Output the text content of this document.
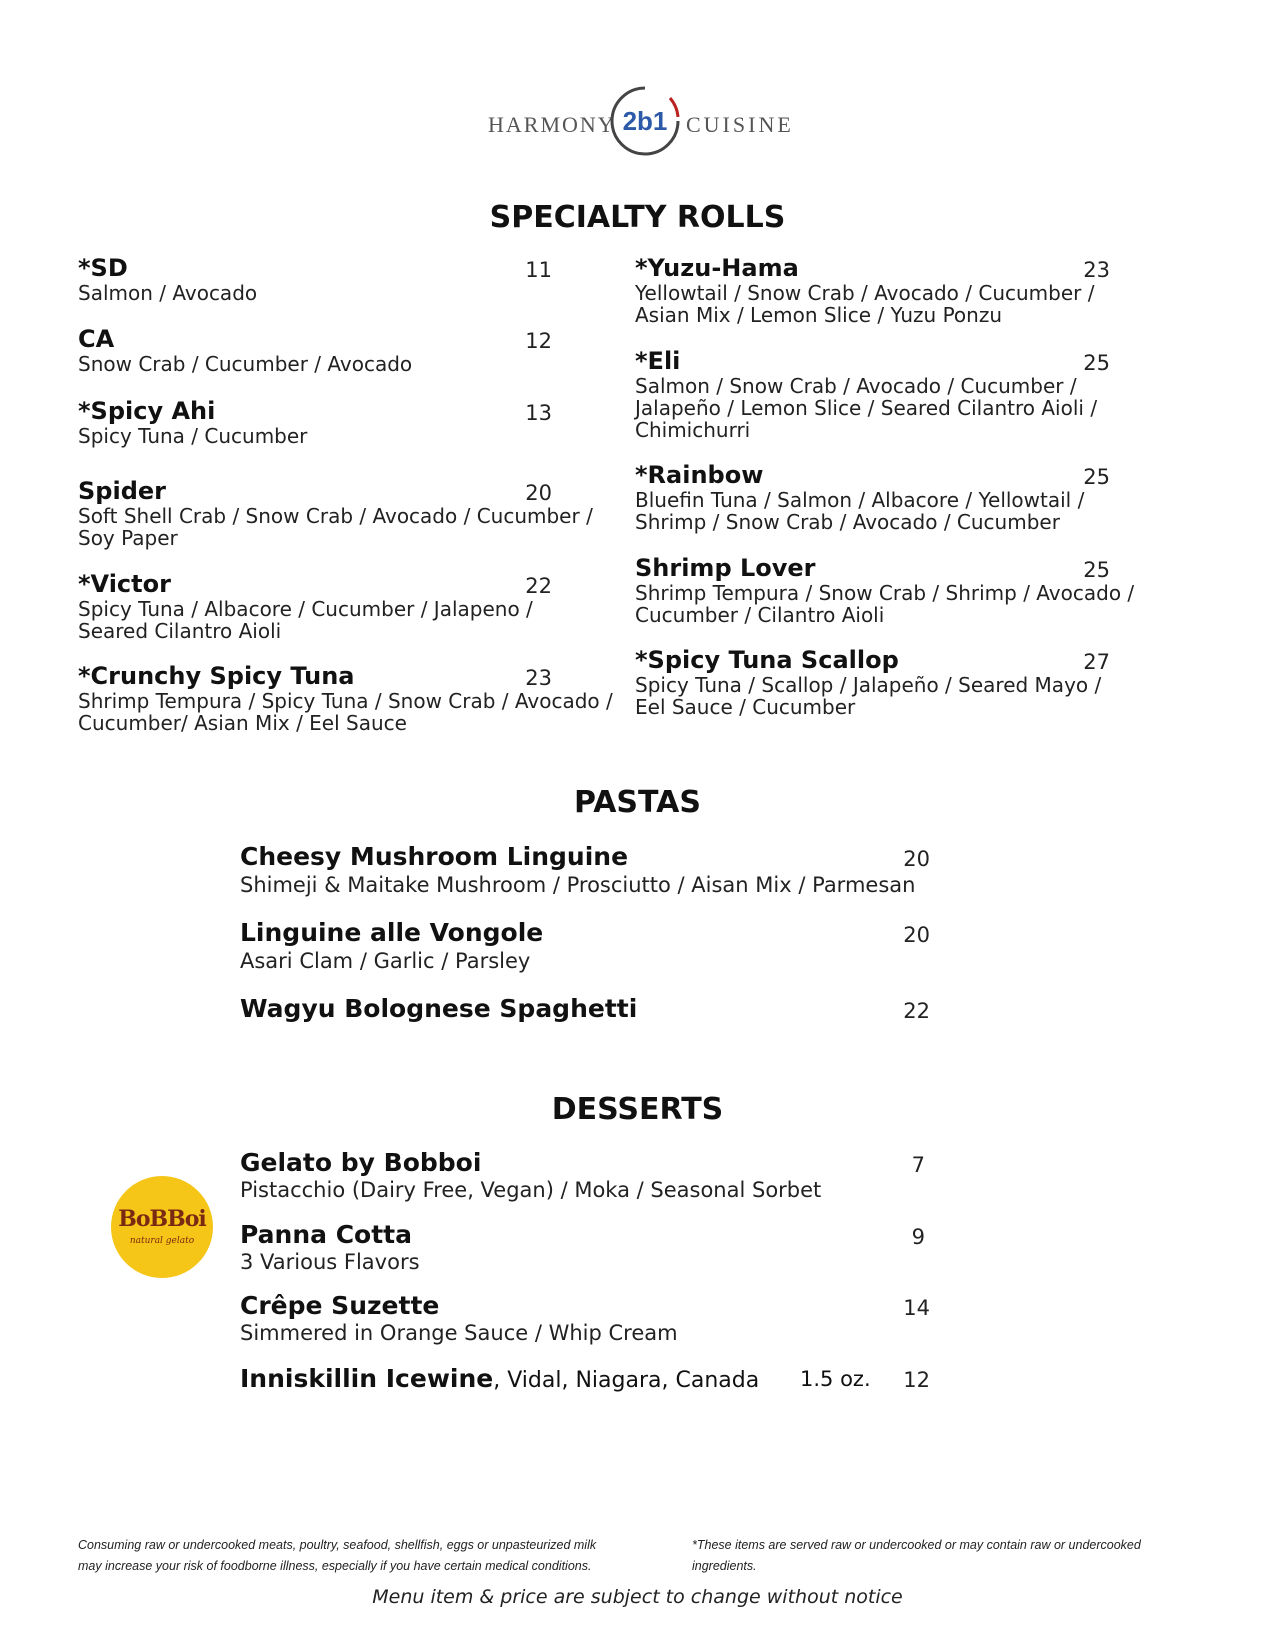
HARMONY 2b1 CUISINE
SPECIALTY ROLLS
*SD
Salmon / Avocado
11
CA
Snow Crab / Cucumber / Avocado
12
*Spicy Ahi
Spicy Tuna / Cucumber
13
Spider
Soft Shell Crab / Snow Crab / Avocado / Cucumber /
Soy Paper
20
*Victor
Spicy Tuna / Albacore / Cucumber / Jalapeno /
Seared Cilantro Aioli
22
*Crunchy Spicy Tuna
Shrimp Tempura / Spicy Tuna / Snow Crab / Avocado /
Cucumber/ Asian Mix / Eel Sauce
23
*Yuzu-Hama
Yellowtail / Snow Crab / Avocado / Cucumber /
Asian Mix / Lemon Slice / Yuzu Ponzu
23
*Eli
Salmon / Snow Crab / Avocado / Cucumber /
Jalapeño / Lemon Slice / Seared Cilantro Aioli /
Chimichurri
25
*Rainbow
Bluefin Tuna / Salmon / Albacore / Yellowtail /
Shrimp / Snow Crab / Avocado / Cucumber
25
Shrimp Lover
Shrimp Tempura / Snow Crab / Shrimp / Avocado /
Cucumber / Cilantro Aioli
25
*Spicy Tuna Scallop
Spicy Tuna / Scallop / Jalapeño / Seared Mayo /
Eel Sauce / Cucumber
27
PASTAS
Cheesy Mushroom Linguine
Shimeji & Maitake Mushroom / Prosciutto / Aisan Mix / Parmesan
20
Linguine alle Vongole
Asari Clam / Garlic / Parsley
20
Wagyu Bolognese Spaghetti	22
DESSERTS
BoBBoi
natural gelato
Gelato by Bobboi
Pistacchio (Dairy Free, Vegan) / Moka / Seasonal Sorbet
7
Panna Cotta
3 Various Flavors
9
Crêpe Suzette
Simmered in Orange Sauce / Whip Cream
14
Inniskillin Icewine, Vidal, Niagara, Canada 1.5 oz.	12
Consuming raw or undercooked meats, poultry, seafood, shellfish, eggs or unpasteurized milk
may increase your risk of foodborne illness, especially if you have certain medical conditions.
*These items are served raw or undercooked or may contain raw or undercooked
ingredients.
Menu item & price are subject to change without notice
